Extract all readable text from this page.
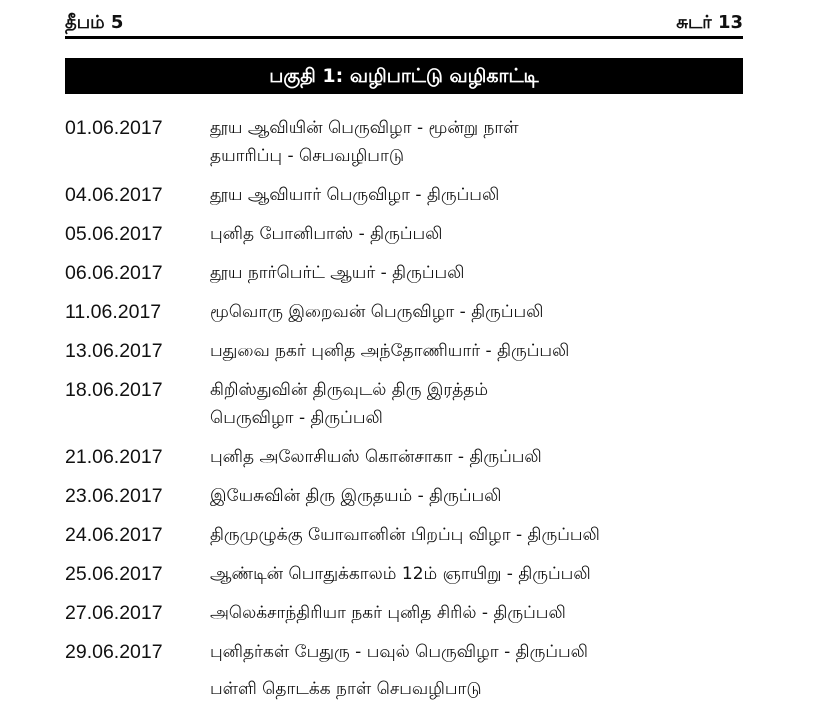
தீபம் 5	சுடர் 13
பகுதி 1: வழிபாட்டு வழிகாட்டி
01.06.2017	தூய ஆவியின் பெருவிழா - மூன்று நாள்
தயாரிப்பு - செபவழிபாடு
04.06.2017	தூய ஆவியார் பெருவிழா - திருப்பலி
05.06.2017	புனித போனிபாஸ் - திருப்பலி
06.06.2017	தூய நார்பெர்ட் ஆயர் - திருப்பலி
11.06.2017	மூவொரு இறைவன் பெருவிழா - திருப்பலி
13.06.2017	பதுவை நகர் புனித அந்தோணியார் - திருப்பலி
18.06.2017	கிறிஸ்துவின் திருவுடல் திரு இரத்தம்
பெருவிழா - திருப்பலி
21.06.2017	புனித அலோசியஸ் கொன்சாகா - திருப்பலி
23.06.2017	இயேசுவின் திரு இருதயம் - திருப்பலி
24.06.2017	திருமுழுக்கு யோவானின் பிறப்பு விழா - திருப்பலி
25.06.2017	ஆண்டின் பொதுக்காலம் 12ம் ஞாயிறு - திருப்பலி
27.06.2017	அலெக்சாந்திரியா நகர் புனித சிரில் - திருப்பலி
29.06.2017	புனிதர்கள் பேதுரு - பவுல் பெருவிழா - திருப்பலி
பள்ளி தொடக்க நாள் செபவழிபாடு
